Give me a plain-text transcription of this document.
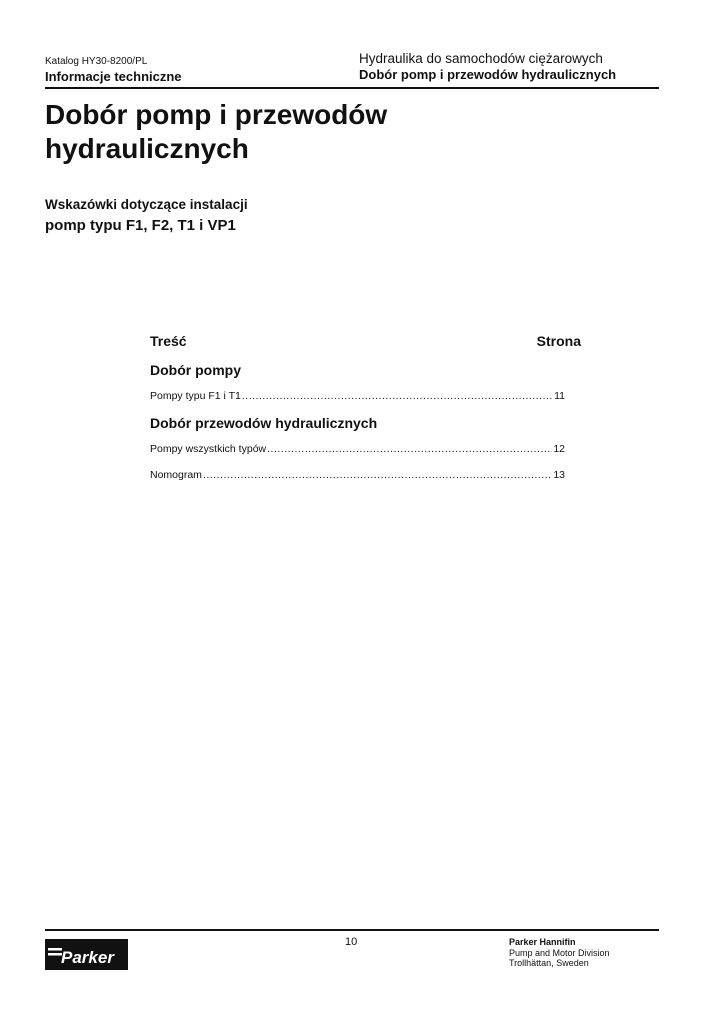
Katalog HY30-8200/PL
Informacje techniczne
Hydraulika do samochodów ciężarowych
Dobór pomp i przewodów hydraulicznych
Dobór pomp i przewodów hydraulicznych
Wskazówki dotyczące instalacji
pomp typu F1, F2, T1 i VP1
Treść	Strona
Dobór pompy
Pompy typu F1 i T1 .....	11
Dobór przewodów hydraulicznych
Pompy wszystkich typów .....	12
Nomogram .....	13
Parker
10	Parker Hannifin
Pump and Motor Division
Trollhättan, Sweden
